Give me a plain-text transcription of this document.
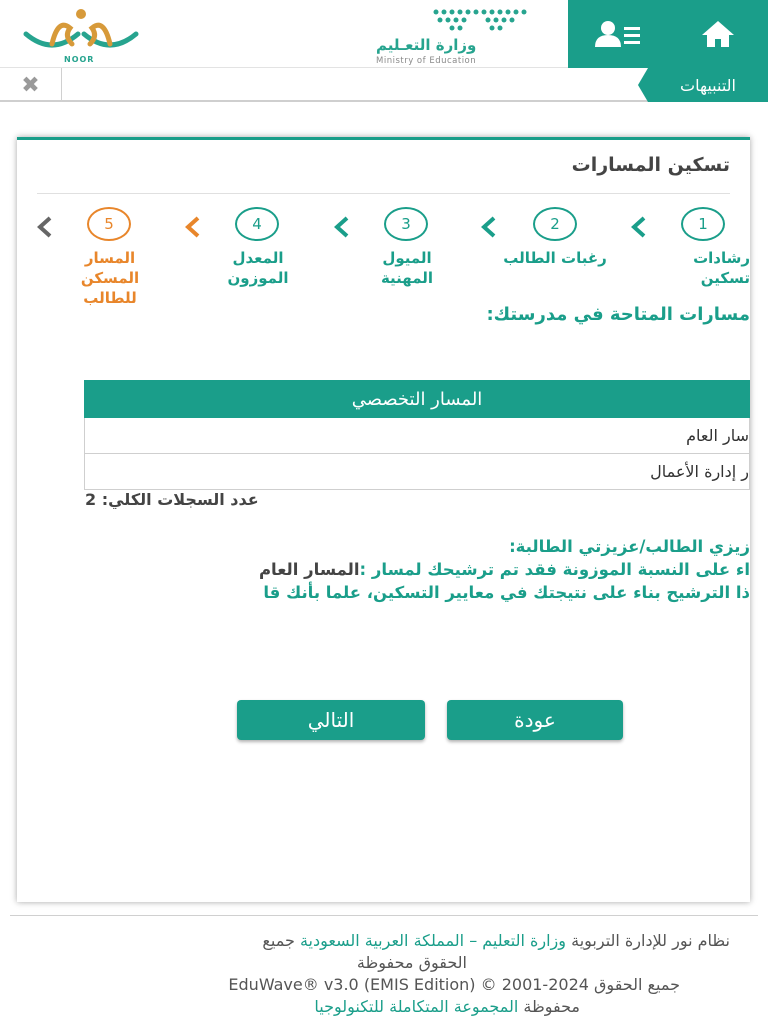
وزارة التعـليم
Ministry of Education
NOOR
التنبيهات
✖
تسكين المسارات
1
رشادات
تسكين
2
رغبات الطالب
3
الميول
المهنية
4
المعدل
الموزون
5
المسار
المسكن
للطالب
مسارات المتاحة في مدرستك:
المسار التخصصي
سار العام
ر إدارة الأعمال
عدد السجلات الكلي: 2
زيزي الطالب/عزيزتي الطالبة:
اء على النسبة الموزونة فقد تم ترشيحك لمسار :المسار العام
ذا الترشيح بناء على نتيجتك في معايير التسكين، علما بأنك قا
عودة
التالي
نظام نور للإدارة التربوية وزارة التعليم – المملكة العربية السعودية جميع
الحقوق محفوظة
جميع الحقوق 2024-2001 © EduWave® v3.0 (EMIS Edition)
محفوظة المجموعة المتكاملة للتكنولوجيا
